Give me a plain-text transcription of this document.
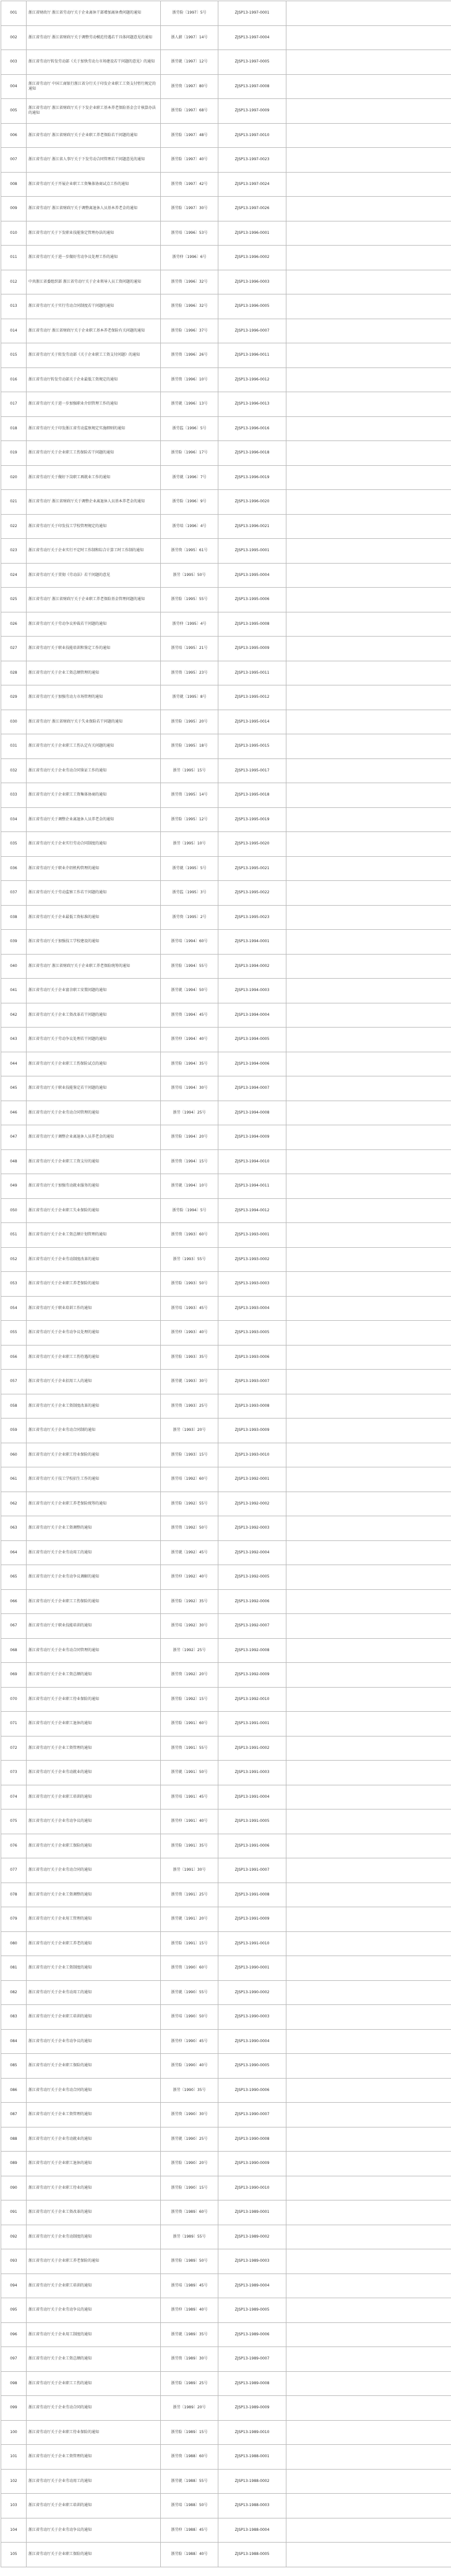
001	浙江省财政厅 浙江省劳动厅关于企业离休干部增加离休费问题的通知	浙劳险〔1997〕5号	ZJSP13-1997-0001	
002	浙江省劳动厅 浙江省财政厅关于调整劳动模范待遇若干具体问题意见的通知	浙人薪〔1997〕14号	ZJSP13-1997-0004	
003	浙江省劳动厅转发劳动部《关于加快劳动力市场建设若干问题的意见》的通知	浙劳就〔1997〕12号	ZJSP13-1997-0005	
004	浙江省劳动厅 中国工商银行浙江省分行关于印发企业职工工资支付暂行规定的通知	浙劳资〔1997〕80号	ZJSP13-1997-0008	
005	浙江省劳动厅 浙江省财政厅关于下发企业职工基本养老保险基金会计核算办法的通知	浙劳险〔1997〕68号	ZJSP13-1997-0009	
006	浙江省劳动厅 浙江省财政厅关于企业职工养老保险若干问题的通知	浙劳险〔1997〕48号	ZJSP13-1997-0010	
007	浙江省劳动厅 浙江省人事厅关于下发劳动合同管理若干问题意见的通知	浙劳险〔1997〕40号	ZJSP13-1997-0023	
008	浙江省劳动厅关于开展企业职工工资集体协商试点工作的通知	浙劳资〔1997〕42号	ZJSP13-1997-0024	
009	浙江省劳动厅 浙江省财政厅关于调整离退休人员基本养老金的通知	浙劳险〔1997〕30号	ZJSP13-1997-0026	
010	浙江省劳动厅关于下发职业技能鉴定管理办法的通知	浙劳培〔1996〕53号	ZJSP13-1996-0001	
011	浙江省劳动厅关于进一步做好劳动争议处理工作的通知	浙劳仲〔1996〕6号	ZJSP13-1996-0002	
012	中共浙江省委组织部 浙江省劳动厅关于企业领导人员工资问题的通知	浙劳资〔1996〕32号	ZJSP13-1996-0003	
013	浙江省劳动厅关于实行劳动合同制度若干问题的通知	浙劳险〔1996〕32号	ZJSP13-1996-0005	
014	浙江省劳动厅 浙江省财政厅关于企业职工基本养老保险有关问题的通知	浙劳险〔1996〕37号	ZJSP13-1996-0007	
015	浙江省劳动厅关于转发劳动部《关于企业职工工资支付问题》的通知	浙劳资〔1996〕26号	ZJSP13-1996-0011	
016	浙江省劳动厅转发劳动部关于企业最低工资规定的通知	浙劳资〔1996〕10号	ZJSP13-1996-0012	
017	浙江省劳动厅关于进一步加强职业介绍管理工作的通知	浙劳就〔1996〕13号	ZJSP13-1996-0013	
018	浙江省劳动厅关于印发浙江省劳动监察规定实施细则的通知	浙劳监〔1996〕5号	ZJSP13-1996-0016	
019	浙江省劳动厅关于企业职工工伤保险若干问题的通知	浙劳险〔1996〕17号	ZJSP13-1996-0018	
020	浙江省劳动厅关于做好下岗职工再就业工作的通知	浙劳就〔1996〕7号	ZJSP13-1996-0019	
021	浙江省劳动厅 浙江省财政厅关于调整企业离退休人员基本养老金的通知	浙劳险〔1996〕9号	ZJSP13-1996-0020	
022	浙江省劳动厅关于印发技工学校管理规定的通知	浙劳培〔1996〕4号	ZJSP13-1996-0021	
023	浙江省劳动厅关于企业实行不定时工作制和综合计算工时工作制的通知	浙劳资〔1995〕61号	ZJSP13-1995-0001	
024	浙江省劳动厅关于贯彻《劳动法》若干问题的意见	浙劳〔1995〕50号	ZJSP13-1995-0004	
025	浙江省劳动厅 浙江省财政厅关于企业职工养老保险基金管理问题的通知	浙劳险〔1995〕55号	ZJSP13-1995-0006	
026	浙江省劳动厅关于劳动争议仲裁若干问题的通知	浙劳仲〔1995〕4号	ZJSP13-1995-0008	
027	浙江省劳动厅关于职业技能培训和鉴定工作的通知	浙劳培〔1995〕21号	ZJSP13-1995-0009	
028	浙江省劳动厅关于企业工资总额管理的通知	浙劳资〔1995〕23号	ZJSP13-1995-0011	
029	浙江省劳动厅关于加强劳动力市场管理的通知	浙劳就〔1995〕8号	ZJSP13-1995-0012	
030	浙江省劳动厅 浙江省财政厅关于失业保险若干问题的通知	浙劳险〔1995〕20号	ZJSP13-1995-0014	
031	浙江省劳动厅关于企业职工工伤认定有关问题的通知	浙劳险〔1995〕18号	ZJSP13-1995-0015	
032	浙江省劳动厅关于企业劳动合同鉴证工作的通知	浙劳〔1995〕15号	ZJSP13-1995-0017	
033	浙江省劳动厅关于企业职工工资集体协商的通知	浙劳资〔1995〕14号	ZJSP13-1995-0018	
034	浙江省劳动厅关于调整企业离退休人员养老金的通知	浙劳险〔1995〕12号	ZJSP13-1995-0019	
035	浙江省劳动厅关于企业实行劳动合同制度的通知	浙劳〔1995〕10号	ZJSP13-1995-0020	
036	浙江省劳动厅关于职业介绍机构管理的通知	浙劳就〔1995〕5号	ZJSP13-1995-0021	
037	浙江省劳动厅关于劳动监察工作若干问题的通知	浙劳监〔1995〕3号	ZJSP13-1995-0022	
038	浙江省劳动厅关于企业最低工资标准的通知	浙劳资〔1995〕2号	ZJSP13-1995-0023	
039	浙江省劳动厅关于加强技工学校建设的通知	浙劳培〔1994〕60号	ZJSP13-1994-0001	
040	浙江省劳动厅 浙江省财政厅关于企业职工养老保险统筹的通知	浙劳险〔1994〕55号	ZJSP13-1994-0002	
041	浙江省劳动厅关于企业富余职工安置问题的通知	浙劳就〔1994〕50号	ZJSP13-1994-0003	
042	浙江省劳动厅关于企业工资改革若干问题的通知	浙劳资〔1994〕45号	ZJSP13-1994-0004	
043	浙江省劳动厅关于劳动争议处理若干问题的通知	浙劳仲〔1994〕40号	ZJSP13-1994-0005	
044	浙江省劳动厅关于企业职工工伤保险试点的通知	浙劳险〔1994〕35号	ZJSP13-1994-0006	
045	浙江省劳动厅关于职业技能鉴定若干问题的通知	浙劳培〔1994〕30号	ZJSP13-1994-0007	
046	浙江省劳动厅关于企业劳动合同管理的通知	浙劳〔1994〕25号	ZJSP13-1994-0008	
047	浙江省劳动厅关于调整企业离退休人员养老金的通知	浙劳险〔1994〕20号	ZJSP13-1994-0009	
048	浙江省劳动厅关于企业职工工资支付的通知	浙劳资〔1994〕15号	ZJSP13-1994-0010	
049	浙江省劳动厅关于加强劳动就业服务的通知	浙劳就〔1994〕10号	ZJSP13-1994-0011	
050	浙江省劳动厅关于企业职工失业保险的通知	浙劳险〔1994〕5号	ZJSP13-1994-0012	
051	浙江省劳动厅关于企业工资总额计划管理的通知	浙劳资〔1993〕60号	ZJSP13-1993-0001	
052	浙江省劳动厅关于企业劳动制度改革的通知	浙劳〔1993〕55号	ZJSP13-1993-0002	
053	浙江省劳动厅关于企业职工养老保险的通知	浙劳险〔1993〕50号	ZJSP13-1993-0003	
054	浙江省劳动厅关于职业培训工作的通知	浙劳培〔1993〕45号	ZJSP13-1993-0004	
055	浙江省劳动厅关于企业劳动争议处理的通知	浙劳仲〔1993〕40号	ZJSP13-1993-0005	
056	浙江省劳动厅关于企业职工工伤待遇的通知	浙劳险〔1993〕35号	ZJSP13-1993-0006	
057	浙江省劳动厅关于企业招用工人的通知	浙劳就〔1993〕30号	ZJSP13-1993-0007	
058	浙江省劳动厅关于企业工资制度改革的通知	浙劳资〔1993〕25号	ZJSP13-1993-0008	
059	浙江省劳动厅关于企业劳动合同制的通知	浙劳〔1993〕20号	ZJSP13-1993-0009	
060	浙江省劳动厅关于企业职工待业保险的通知	浙劳险〔1993〕15号	ZJSP13-1993-0010	
061	浙江省劳动厅关于技工学校招生工作的通知	浙劳培〔1992〕60号	ZJSP13-1992-0001	
062	浙江省劳动厅关于企业职工养老保险统筹的通知	浙劳险〔1992〕55号	ZJSP13-1992-0002	
063	浙江省劳动厅关于企业工资调整的通知	浙劳资〔1992〕50号	ZJSP13-1992-0003	
064	浙江省劳动厅关于企业劳动用工的通知	浙劳就〔1992〕45号	ZJSP13-1992-0004	
065	浙江省劳动厅关于企业劳动争议调解的通知	浙劳仲〔1992〕40号	ZJSP13-1992-0005	
066	浙江省劳动厅关于企业职工工伤保险的通知	浙劳险〔1992〕35号	ZJSP13-1992-0006	
067	浙江省劳动厅关于职业技能培训的通知	浙劳培〔1992〕30号	ZJSP13-1992-0007	
068	浙江省劳动厅关于企业劳动合同管理的通知	浙劳〔1992〕25号	ZJSP13-1992-0008	
069	浙江省劳动厅关于企业工资总额的通知	浙劳资〔1992〕20号	ZJSP13-1992-0009	
070	浙江省劳动厅关于企业职工待业保险的通知	浙劳险〔1992〕15号	ZJSP13-1992-0010	
071	浙江省劳动厅关于企业职工退休的通知	浙劳险〔1991〕60号	ZJSP13-1991-0001	
072	浙江省劳动厅关于企业工资管理的通知	浙劳资〔1991〕55号	ZJSP13-1991-0002	
073	浙江省劳动厅关于企业劳动就业的通知	浙劳就〔1991〕50号	ZJSP13-1991-0003	
074	浙江省劳动厅关于企业职工培训的通知	浙劳培〔1991〕45号	ZJSP13-1991-0004	
075	浙江省劳动厅关于企业劳动争议的通知	浙劳仲〔1991〕40号	ZJSP13-1991-0005	
076	浙江省劳动厅关于企业职工保险的通知	浙劳险〔1991〕35号	ZJSP13-1991-0006	
077	浙江省劳动厅关于企业劳动合同的通知	浙劳〔1991〕30号	ZJSP13-1991-0007	
078	浙江省劳动厅关于企业工资调整的通知	浙劳资〔1991〕25号	ZJSP13-1991-0008	
079	浙江省劳动厅关于企业用工管理的通知	浙劳就〔1991〕20号	ZJSP13-1991-0009	
080	浙江省劳动厅关于企业职工养老的通知	浙劳险〔1991〕15号	ZJSP13-1991-0010	
081	浙江省劳动厅关于企业工资制度的通知	浙劳资〔1990〕60号	ZJSP13-1990-0001	
082	浙江省劳动厅关于企业劳动用工的通知	浙劳就〔1990〕55号	ZJSP13-1990-0002	
083	浙江省劳动厅关于企业职工培训的通知	浙劳培〔1990〕50号	ZJSP13-1990-0003	
084	浙江省劳动厅关于企业劳动争议的通知	浙劳仲〔1990〕45号	ZJSP13-1990-0004	
085	浙江省劳动厅关于企业职工保险的通知	浙劳险〔1990〕40号	ZJSP13-1990-0005	
086	浙江省劳动厅关于企业劳动合同的通知	浙劳〔1990〕35号	ZJSP13-1990-0006	
087	浙江省劳动厅关于企业工资管理的通知	浙劳资〔1990〕30号	ZJSP13-1990-0007	
088	浙江省劳动厅关于企业劳动就业的通知	浙劳就〔1990〕25号	ZJSP13-1990-0008	
089	浙江省劳动厅关于企业职工退休的通知	浙劳险〔1990〕20号	ZJSP13-1990-0009	
090	浙江省劳动厅关于企业职工待业的通知	浙劳险〔1990〕15号	ZJSP13-1990-0010	
091	浙江省劳动厅关于企业工资改革的通知	浙劳资〔1989〕60号	ZJSP13-1989-0001	
092	浙江省劳动厅关于企业劳动制度的通知	浙劳〔1989〕55号	ZJSP13-1989-0002	
093	浙江省劳动厅关于企业职工养老保险的通知	浙劳险〔1989〕50号	ZJSP13-1989-0003	
094	浙江省劳动厅关于企业职工培训的通知	浙劳培〔1989〕45号	ZJSP13-1989-0004	
095	浙江省劳动厅关于企业劳动争议的通知	浙劳仲〔1989〕40号	ZJSP13-1989-0005	
096	浙江省劳动厅关于企业用工制度的通知	浙劳就〔1989〕35号	ZJSP13-1989-0006	
097	浙江省劳动厅关于企业工资总额的通知	浙劳资〔1989〕30号	ZJSP13-1989-0007	
098	浙江省劳动厅关于企业职工工伤的通知	浙劳险〔1989〕25号	ZJSP13-1989-0008	
099	浙江省劳动厅关于企业劳动合同的通知	浙劳〔1989〕20号	ZJSP13-1989-0009	
100	浙江省劳动厅关于企业职工待业保险的通知	浙劳险〔1989〕15号	ZJSP13-1989-0010	
101	浙江省劳动厅关于企业工资管理的通知	浙劳资〔1988〕60号	ZJSP13-1988-0001	
102	浙江省劳动厅关于企业劳动用工的通知	浙劳就〔1988〕55号	ZJSP13-1988-0002	
103	浙江省劳动厅关于企业职工培训的通知	浙劳培〔1988〕50号	ZJSP13-1988-0003	
104	浙江省劳动厅关于企业劳动争议的通知	浙劳仲〔1988〕45号	ZJSP13-1988-0004	
105	浙江省劳动厅关于企业职工保险的通知	浙劳险〔1988〕40号	ZJSP13-1988-0005	
